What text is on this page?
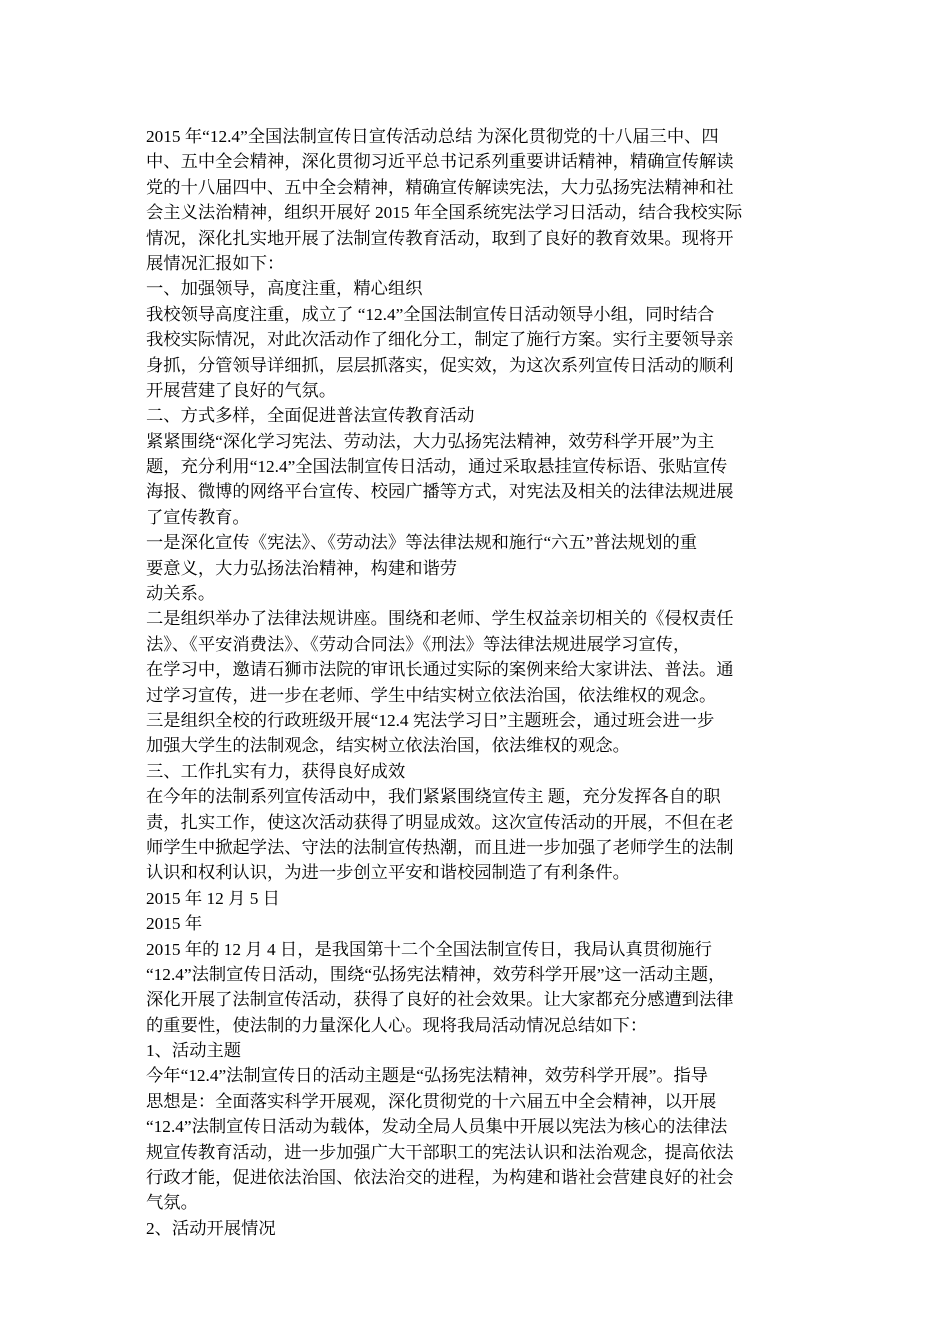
2015 年“12.4”全国法制宣传日宣传活动总结 为深化贯彻党的十八届三中、四
中、五中全会精神，深化贯彻习近平总书记系列重要讲话精神，精确宣传解读
党的十八届四中、五中全会精神，精确宣传解读宪法，大力弘扬宪法精神和社
会主义法治精神，组织开展好 2015 年全国系统宪法学习日活动，结合我校实际
情况，深化扎实地开展了法制宣传教育活动，取到了良好的教育效果。现将开
展情况汇报如下：
一、加强领导，高度注重，精心组织
我校领导高度注重，成立了 “12.4”全国法制宣传日活动领导小组，同时结合
我校实际情况，对此次活动作了细化分工，制定了施行方案。实行主要领导亲
身抓，分管领导详细抓，层层抓落实，促实效，为这次系列宣传日活动的顺利
开展营建了良好的气氛。
二、方式多样，全面促进普法宣传教育活动
紧紧围绕“深化学习宪法、劳动法，大力弘扬宪法精神，效劳科学开展”为主
题，充分利用“12.4”全国法制宣传日活动，通过采取悬挂宣传标语、张贴宣传
海报、微博的网络平台宣传、校园广播等方式，对宪法及相关的法律法规进展
了宣传教育。
一是深化宣传《宪法》、《劳动法》等法律法规和施行“六五”普法规划的重
要意义，大力弘扬法治精神，构建和谐劳
动关系。
二是组织举办了法律法规讲座。围绕和老师、学生权益亲切相关的《侵权责任
法》、《平安消费法》、《劳动合同法》《刑法》等法律法规进展学习宣传，
在学习中，邀请石狮市法院的审讯长通过实际的案例来给大家讲法、普法。通
过学习宣传，进一步在老师、学生中结实树立依法治国，依法维权的观念。
三是组织全校的行政班级开展“12.4 宪法学习日”主题班会，通过班会进一步
加强大学生的法制观念，结实树立依法治国，依法维权的观念。
三、工作扎实有力，获得良好成效
在今年的法制系列宣传活动中，我们紧紧围绕宣传主 题，充分发挥各自的职
责，扎实工作，使这次活动获得了明显成效。这次宣传活动的开展，不但在老
师学生中掀起学法、守法的法制宣传热潮，而且进一步加强了老师学生的法制
认识和权利认识，为进一步创立平安和谐校园制造了有利条件。
2015 年 12 月 5 日
2015 年
2015 年的 12 月 4 日，是我国第十二个全国法制宣传日，我局认真贯彻施行
“12.4”法制宣传日活动，围绕“弘扬宪法精神，效劳科学开展”这一活动主题，
深化开展了法制宣传活动，获得了良好的社会效果。让大家都充分感遭到法律
的重要性，使法制的力量深化人心。现将我局活动情况总结如下：
1、活动主题
今年“12.4”法制宣传日的活动主题是“弘扬宪法精神，效劳科学开展”。指导
思想是：全面落实科学开展观，深化贯彻党的十六届五中全会精神，以开展
“12.4”法制宣传日活动为载体，发动全局人员集中开展以宪法为核心的法律法
规宣传教育活动，进一步加强广大干部职工的宪法认识和法治观念，提高依法
行政才能，促进依法治国、依法治交的进程，为构建和谐社会营建良好的社会
气氛。
2、活动开展情况
